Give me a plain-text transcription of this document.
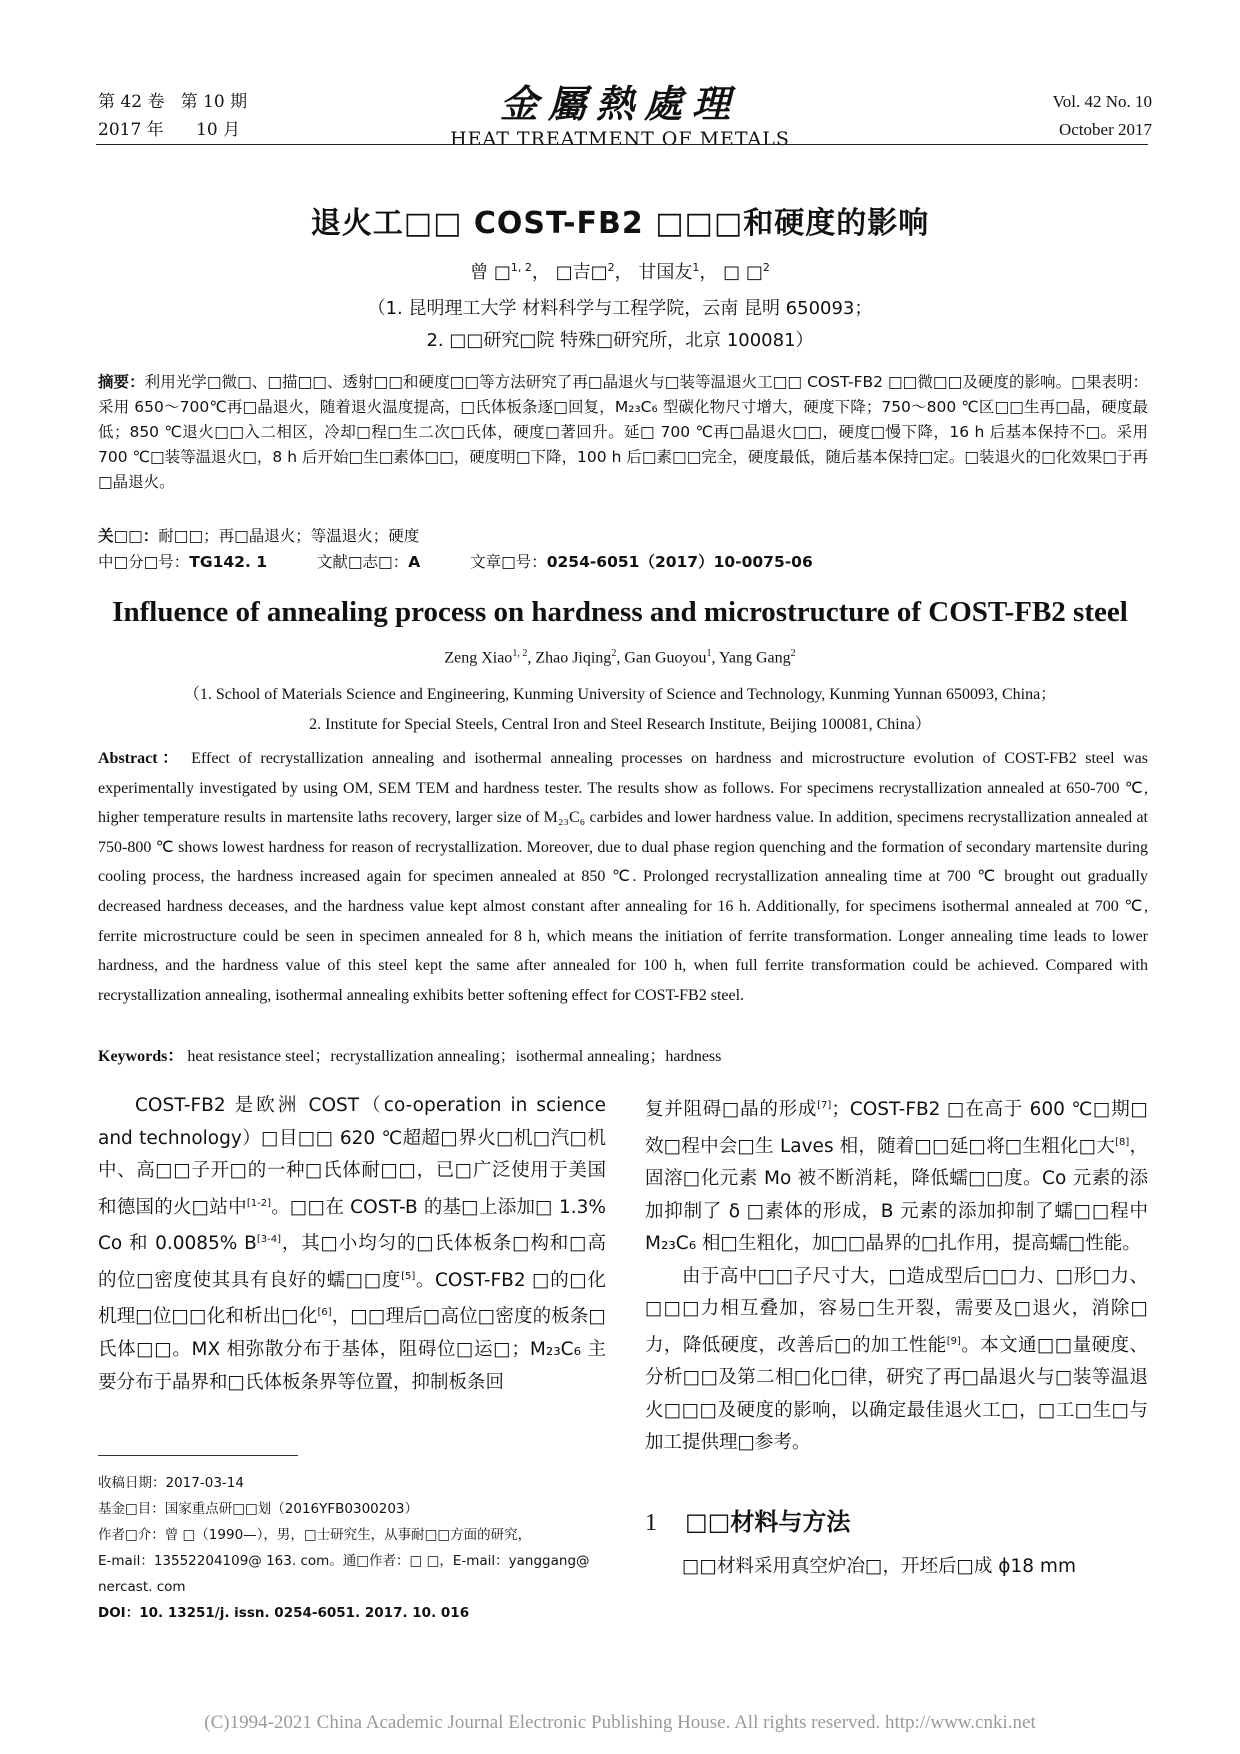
第 42 卷   第 10 期
2017 年      10 月
金屬熱處理
HEAT TREATMENT OF METALS
Vol. 42 No. 10
October 2017
退火工□□ COST-FB2 □□□和硬度的影响
曾 □$^{1, 2}$， □吉□$^2$， 甘国友$^1$， □ □$^2$
（1. 昆明理工大学 材料科学与工程学院，云南 昆明 650093；
2. □□研究□院 特殊□研究所，北京 100081）
摘要：利用光学□微□、□描□□、透射□□和硬度□□等方法研究了再□晶退火与□装等温退火工□□ COST-FB2 □□微□□及硬度的影响。□果表明：采用 650～700℃再□晶退火，随着退火温度提高，□氏体板条逐□回复，M₂₃C₆ 型碳化物尺寸增大，硬度下降；750～800 ℃区□□生再□晶，硬度最低；850 ℃退火□□入二相区，冷却□程□生二次□氏体，硬度□著回升。延□ 700 ℃再□晶退火□□，硬度□慢下降，16 h 后基本保持不□。采用 700 ℃□装等温退火□，8 h 后开始□生□素体□□，硬度明□下降，100 h 后□素□□完全，硬度最低，随后基本保持□定。□装退火的□化效果□于再□晶退火。
关□□：耐□□；再□晶退火；等温退火；硬度
中□分□号：TG142. 1	文献□志□：A	文章□号：0254-6051（2017）10-0075-06
Influence of annealing process on hardness and microstructure of COST-FB2 steel
Zeng Xiao$^{1, 2}$, Zhao Jiqing$^2$, Gan Guoyou$^1$, Yang Gang$^2$
（1. School of Materials Science and Engineering, Kunming University of Science and Technology, Kunming Yunnan 650093, China；
2. Institute for Special Steels, Central Iron and Steel Research Institute, Beijing 100081, China）
Abstract： Effect of recrystallization annealing and isothermal annealing processes on hardness and microstructure evolution of COST-FB2 steel was experimentally investigated by using OM, SEM TEM and hardness tester. The results show as follows. For specimens recrystallization annealed at 650-700 ℃, higher temperature results in martensite laths recovery, larger size of M₂₃C₆ carbides and lower hardness value. In addition, specimens recrystallization annealed at 750-800 ℃ shows lowest hardness for reason of recrystallization. Moreover, due to dual phase region quenching and the formation of secondary martensite during cooling process, the hardness increased again for specimen annealed at 850 ℃. Prolonged recrystallization annealing time at 700 ℃ brought out gradually decreased hardness deceases, and the hardness value kept almost constant after annealing for 16 h. Additionally, for specimens isothermal annealed at 700 ℃, ferrite microstructure could be seen in specimen annealed for 8 h, which means the initiation of ferrite transformation. Longer annealing time leads to lower hardness, and the hardness value of this steel kept the same after annealed for 100 h, when full ferrite transformation could be achieved. Compared with recrystallization annealing, isothermal annealing exhibits better softening effect for COST-FB2 steel.
Keywords： heat resistance steel；recrystallization annealing；isothermal annealing；hardness
COST-FB2 是欧洲 COST（co-operation in science and technology）□目□□ 620 ℃超超□界火□机□汽□机中、高□□子开□的一种□氏体耐□□，已□广泛使用于美国和德国的火□站中[1-2]。□□在 COST-B 的基□上添加□ 1.3% Co 和 0.0085% B[3-4]，其□小均匀的□氏体板条□构和□高的位□密度使其具有良好的蠕□□度[5]。COST-FB2 □的□化机理□位□□化和析出□化[6]，□□理后□高位□密度的板条□氏体□□。MX 相弥散分布于基体，阻碍位□运□；M₂₃C₆ 主要分布于晶界和□氏体板条界等位置，抑制板条回
复并阻碍□晶的形成[7]；COST-FB2 □在高于 600 ℃□期□效□程中会□生 Laves 相，随着□□延□将□生粗化□大[8]，固溶□化元素 Mo 被不断消耗，降低蠕□□度。Co 元素的添加抑制了 δ □素体的形成，B 元素的添加抑制了蠕□□程中 M₂₃C₆ 相□生粗化，加□□晶界的□扎作用，提高蠕□性能。
由于高中□□子尺寸大，□造成型后□□力、□形□力、□□□力相互叠加，容易□生开裂，需要及□退火，消除□力，降低硬度，改善后□的加工性能[9]。本文通□□量硬度、分析□□及第二相□化□律，研究了再□晶退火与□装等温退火□□□及硬度的影响，以确定最佳退火工□，□工□生□与加工提供理□参考。
收稿日期：2017-03-14
基金□目：国家重点研□□划（2016YFB0300203）
作者□介：曾 □（1990—），男，□士研究生，从事耐□□方面的研究，
E-mail：13552204109@ 163. com。通□作者：□ □，E-mail：yanggang@
nercast. com
DOI：10. 13251/j. issn. 0254-6051. 2017. 10. 016
1 □□材料与方法
□□材料采用真空炉冶□，开坯后□成 ϕ18 mm
(C)1994-2021 China Academic Journal Electronic Publishing House. All rights reserved. http://www.cnki.net
